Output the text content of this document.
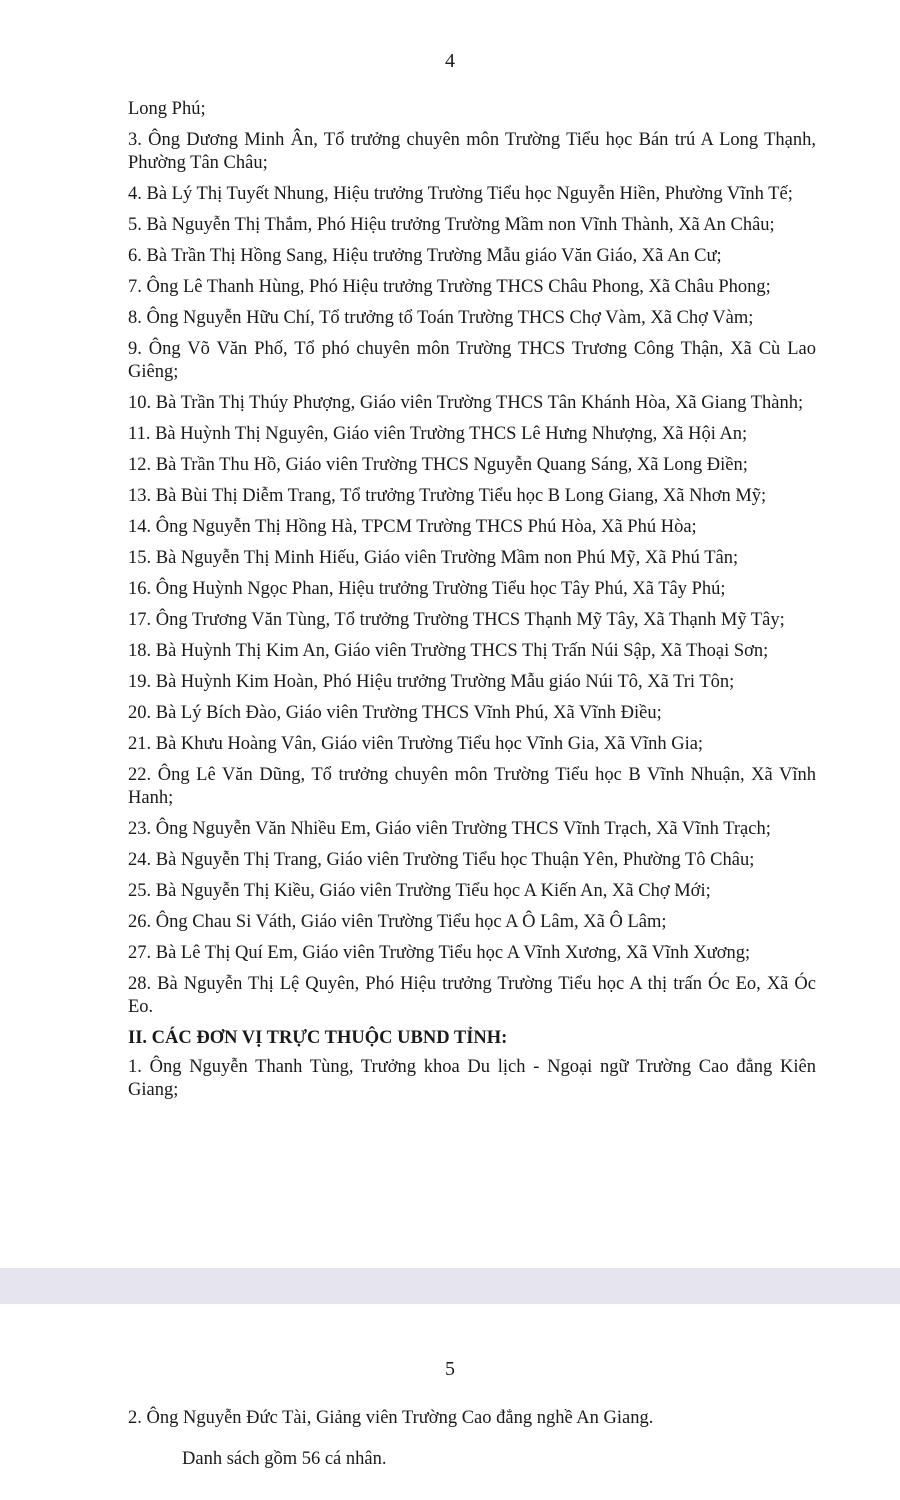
4

Long Phú;

3. Ông Dương Minh Ân, Tổ trưởng chuyên môn Trường Tiểu học Bán trú A Long Thạnh, Phường Tân Châu;

4. Bà Lý Thị Tuyết Nhung, Hiệu trưởng Trường Tiểu học Nguyễn Hiền, Phường Vĩnh Tế;

5. Bà Nguyễn Thị Thắm, Phó Hiệu trưởng Trường Mầm non Vĩnh Thành, Xã An Châu;

6. Bà Trần Thị Hồng Sang, Hiệu trưởng Trường Mẫu giáo Văn Giáo, Xã An Cư;

7. Ông Lê Thanh Hùng, Phó Hiệu trưởng Trường THCS Châu Phong, Xã Châu Phong;

8. Ông Nguyễn Hữu Chí, Tổ trưởng tổ Toán Trường THCS Chợ Vàm, Xã Chợ Vàm;

9. Ông Võ Văn Phố, Tổ phó chuyên môn Trường THCS Trương Công Thận, Xã Cù Lao Giêng;

10. Bà Trần Thị Thúy Phượng, Giáo viên Trường THCS Tân Khánh Hòa, Xã Giang Thành;

11. Bà Huỳnh Thị Nguyên, Giáo viên Trường THCS Lê Hưng Nhượng, Xã Hội An;

12. Bà Trần Thu Hồ, Giáo viên Trường THCS Nguyễn Quang Sáng, Xã Long Điền;

13. Bà Bùi Thị Diễm Trang, Tổ trưởng Trường Tiểu học B Long Giang, Xã Nhơn Mỹ;

14. Ông Nguyễn Thị Hồng Hà, TPCM Trường THCS Phú Hòa, Xã Phú Hòa;

15. Bà Nguyễn Thị Minh Hiếu, Giáo viên Trường Mầm non Phú Mỹ, Xã Phú Tân;

16. Ông Huỳnh Ngọc Phan, Hiệu trưởng Trường Tiểu học Tây Phú, Xã Tây Phú;

17. Ông Trương Văn Tùng, Tổ trưởng Trường THCS Thạnh Mỹ Tây, Xã Thạnh Mỹ Tây;

18. Bà Huỳnh Thị Kim An, Giáo viên Trường THCS Thị Trấn Núi Sập, Xã Thoại Sơn;

19. Bà Huỳnh Kim Hoàn, Phó Hiệu trưởng Trường Mẫu giáo Núi Tô, Xã Tri Tôn;

20. Bà Lý Bích Đào, Giáo viên Trường THCS Vĩnh Phú, Xã Vĩnh Điều;

21. Bà Khưu Hoàng Vân, Giáo viên Trường Tiểu học Vĩnh Gia, Xã Vĩnh Gia;

22. Ông Lê Văn Dũng, Tổ trưởng chuyên môn Trường Tiểu học B Vĩnh Nhuận, Xã Vĩnh Hanh;

23. Ông Nguyễn Văn Nhiều Em, Giáo viên Trường THCS Vĩnh Trạch, Xã Vĩnh Trạch;

24. Bà Nguyễn Thị Trang, Giáo viên Trường Tiểu học Thuận Yên, Phường Tô Châu;

25. Bà Nguyễn Thị Kiều, Giáo viên Trường Tiểu học A Kiến An, Xã Chợ Mới;

26. Ông Chau Si Váth, Giáo viên Trường Tiểu học A Ô Lâm, Xã Ô Lâm;

27. Bà Lê Thị Quí Em, Giáo viên Trường Tiểu học A Vĩnh Xương, Xã Vĩnh Xương;

28. Bà Nguyễn Thị Lệ Quyên, Phó Hiệu trưởng Trường Tiểu học A thị trấn Óc Eo, Xã Óc Eo.

II. CÁC ĐƠN VỊ TRỰC THUỘC UBND TỈNH:

1. Ông Nguyễn Thanh Tùng, Trưởng khoa Du lịch - Ngoại ngữ Trường Cao đẳng Kiên Giang;

5

2. Ông Nguyễn Đức Tài, Giảng viên Trường Cao đẳng nghề An Giang.

Danh sách gồm 56 cá nhân.
